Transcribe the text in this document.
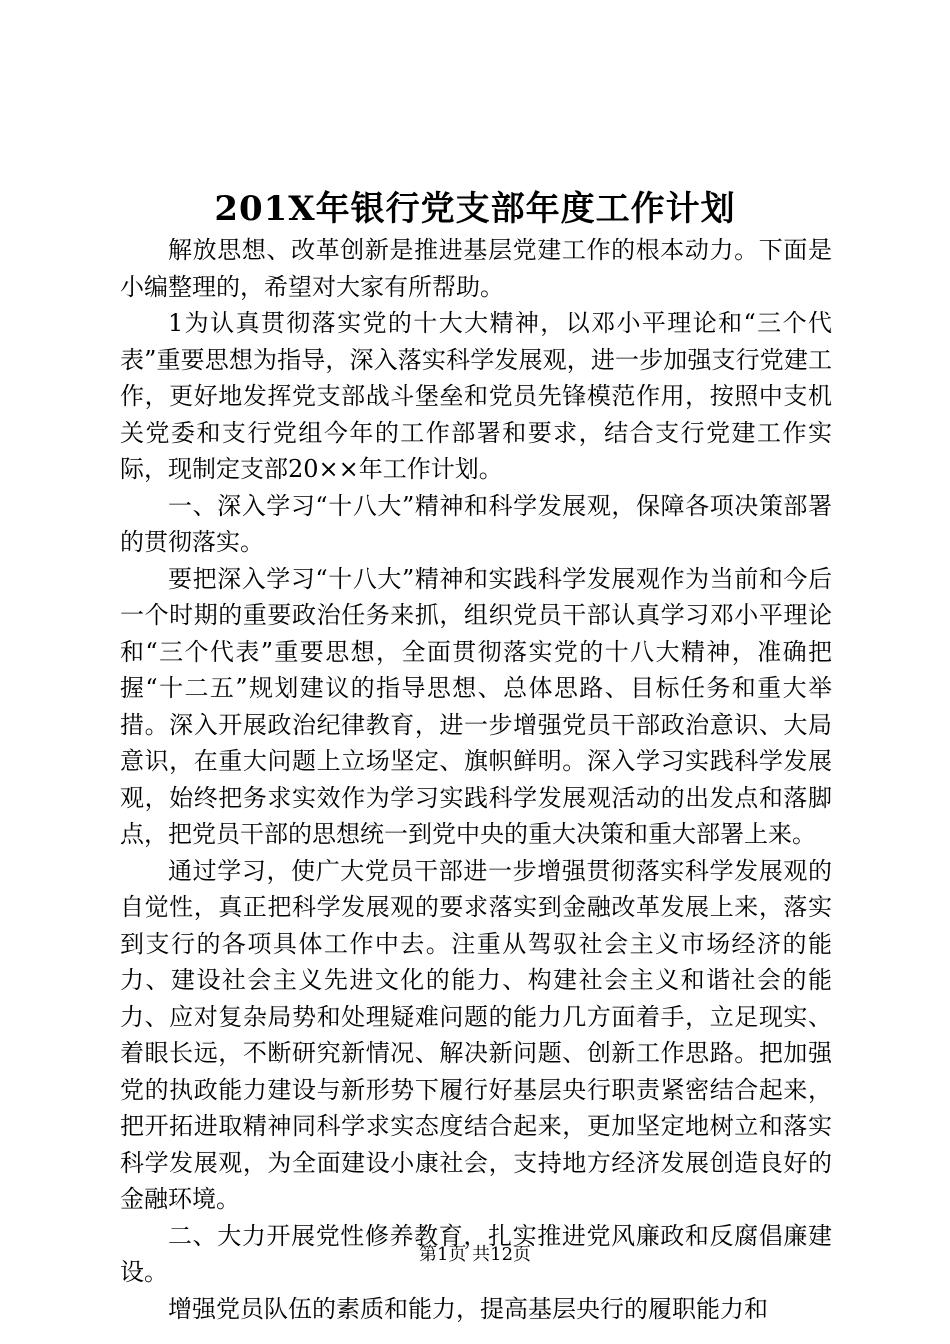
201X年银行党支部年度工作计划

解放思想、改革创新是推进基层党建工作的根本动力。下面是小编整理的，希望对大家有所帮助。

1为认真贯彻落实党的十大大精神，以邓小平理论和“三个代表”重要思想为指导，深入落实科学发展观，进一步加强支行党建工作，更好地发挥党支部战斗堡垒和党员先锋模范作用，按照中支机关党委和支行党组今年的工作部署和要求，结合支行党建工作实际，现制定支部20××年工作计划。

一、深入学习“十八大”精神和科学发展观，保障各项决策部署的贯彻落实。

要把深入学习“十八大”精神和实践科学发展观作为当前和今后一个时期的重要政治任务来抓，组织党员干部认真学习邓小平理论和“三个代表”重要思想，全面贯彻落实党的十八大精神，准确把握“十二五”规划建议的指导思想、总体思路、目标任务和重大举措。深入开展政治纪律教育，进一步增强党员干部政治意识、大局意识，在重大问题上立场坚定、旗帜鲜明。深入学习实践科学发展观，始终把务求实效作为学习实践科学发展观活动的出发点和落脚点，把党员干部的思想统一到党中央的重大决策和重大部署上来。

通过学习，使广大党员干部进一步增强贯彻落实科学发展观的自觉性，真正把科学发展观的要求落实到金融改革发展上来，落实到支行的各项具体工作中去。注重从驾驭社会主义市场经济的能力、建设社会主义先进文化的能力、构建社会主义和谐社会的能力、应对复杂局势和处理疑难问题的能力几方面着手，立足现实、着眼长远，不断研究新情况、解决新问题、创新工作思路。把加强党的执政能力建设与新形势下履行好基层央行职责紧密结合起来，把开拓进取精神同科学求实态度结合起来，更加坚定地树立和落实科学发展观，为全面建设小康社会，支持地方经济发展创造良好的金融环境。

二、大力开展党性修养教育，扎实推进党风廉政和反腐倡廉建设。

增强党员队伍的素质和能力，提高基层央行的履职能力和

第1页 共12页
